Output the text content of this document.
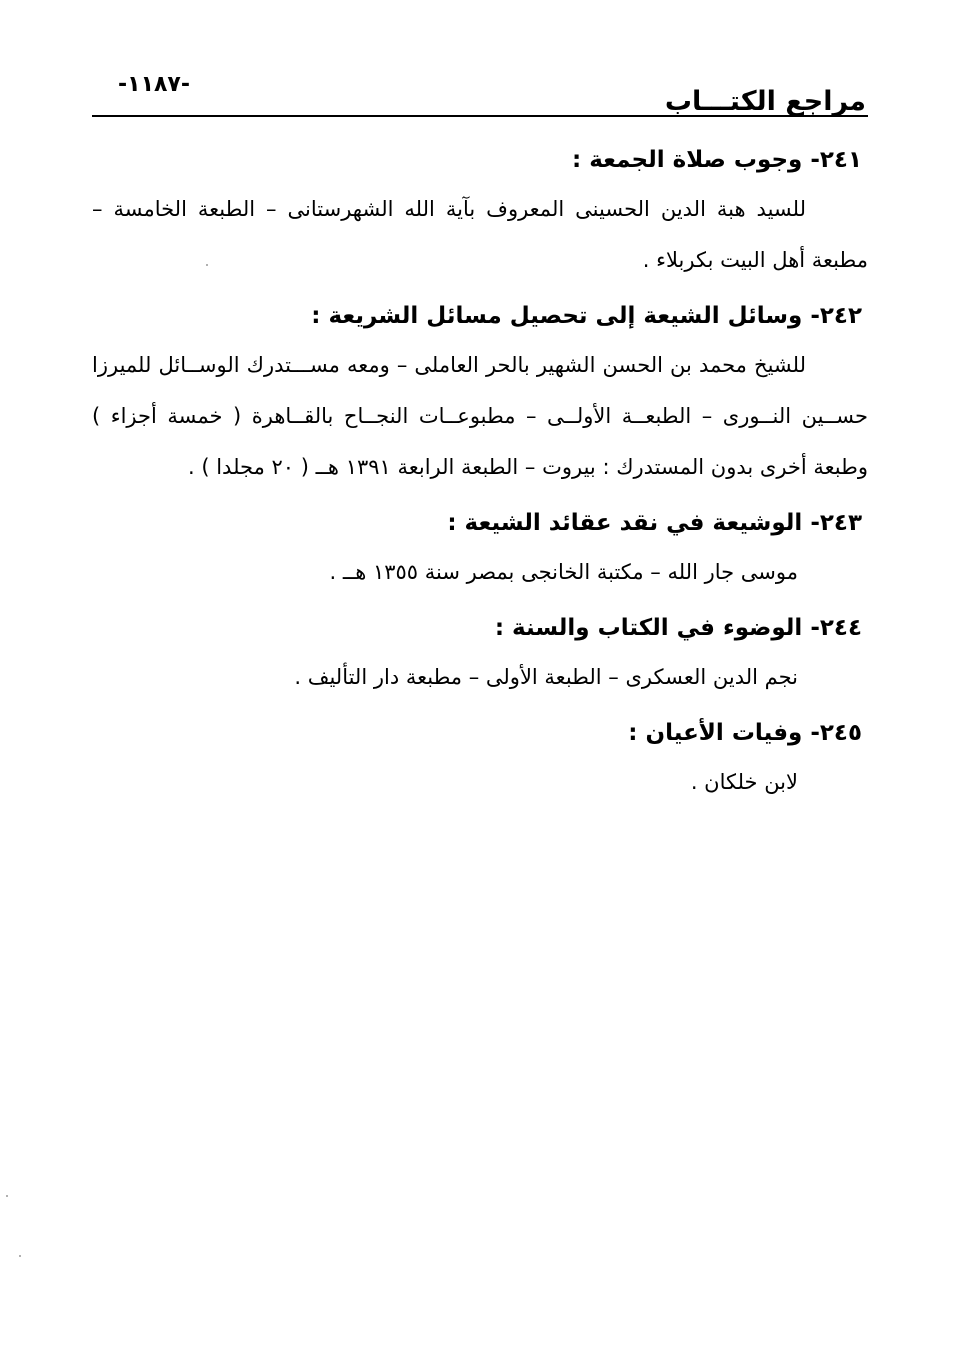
-١١٨٧-
مراجع الكتـــاب
٢٤١- وجوب صلاة الجمعة :
للسيد هبة الدين الحسينى المعروف بآية الله الشهرستانى – الطبعة الخامسة – مطبعة أهل البيت بكربلاء .
٢٤٢- وسائل الشيعة إلى تحصيل مسائل الشريعة :
للشيخ محمد بن الحسن الشهير بالحر العاملى – ومعه مســـتدرك الوســائل للميرزا حســين النــورى – الطبعــة الأولــى – مطبوعــات النجــاح بالقــاهرة ( خمسة أجزاء ) وطبعة أخرى بدون المستدرك : بيروت – الطبعة الرابعة ١٣٩١ هــ ( ٢٠ مجلدا ) .
٢٤٣- الوشيعة في نقد عقائد الشيعة :
موسى جار الله – مكتبة الخانجى بمصر سنة ١٣٥٥ هــ .
٢٤٤- الوضوء في الكتاب والسنة :
نجم الدين العسكرى – الطبعة الأولى – مطبعة دار التأليف .
٢٤٥- وفيات الأعيان :
لابن خلكان .
